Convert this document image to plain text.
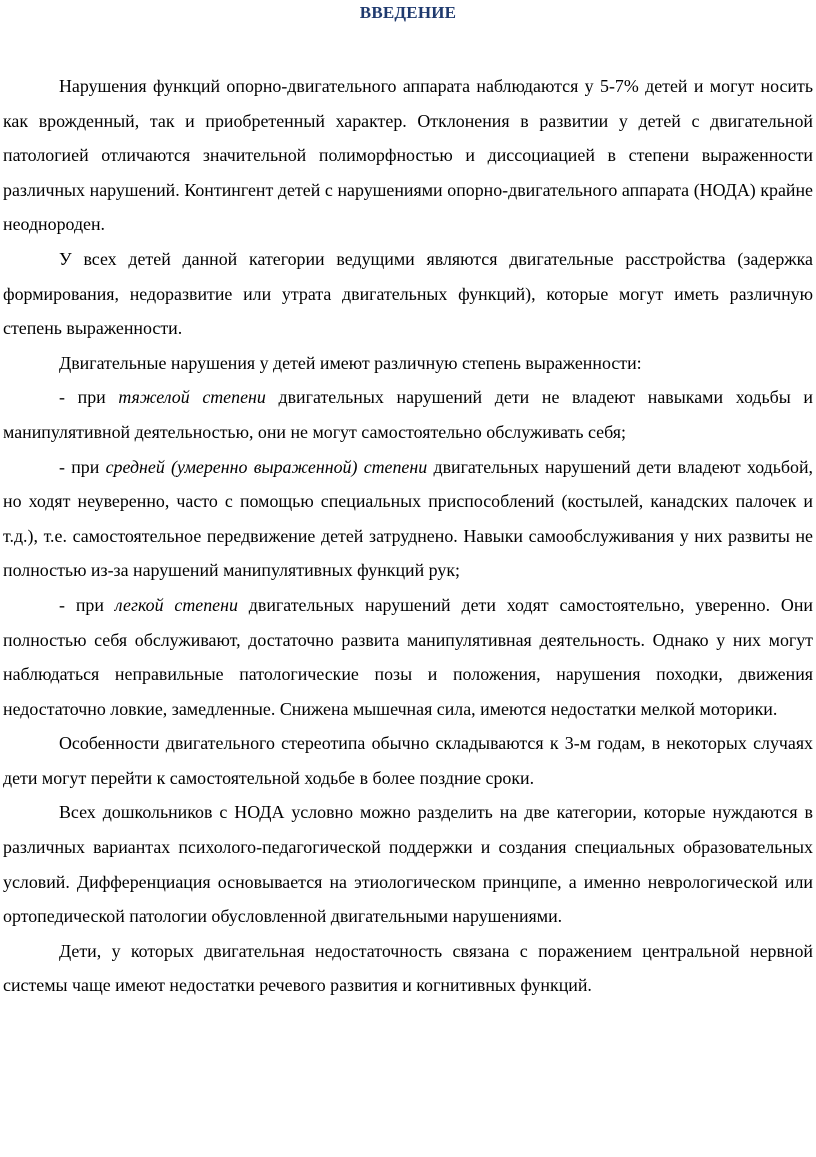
ВВЕДЕНИЕ

Нарушения функций опорно-двигательного аппарата наблюдаются у 5-7% детей и могут носить как врожденный, так и приобретенный характер. Отклонения в развитии у детей с двигательной патологией отличаются значительной полиморфностью и диссоциацией в степени выраженности различных нарушений. Контингент детей с нарушениями опорно-двигательного аппарата (НОДА) крайне неоднороден.

У всех детей данной категории ведущими являются двигательные расстройства (задержка формирования, недоразвитие или утрата двигательных функций), которые могут иметь различную степень выраженности.

Двигательные нарушения у детей имеют различную степень выраженности:

- при тяжелой степени двигательных нарушений дети не владеют навыками ходьбы и манипулятивной деятельностью, они не могут самостоятельно обслуживать себя;

- при средней (умеренно выраженной) степени двигательных нарушений дети владеют ходьбой, но ходят неуверенно, часто с помощью специальных приспособлений (костылей, канадских палочек и т.д.), т.е. самостоятельное передвижение детей затруднено. Навыки самообслуживания у них развиты не полностью из-за нарушений манипулятивных функций рук;

- при легкой степени двигательных нарушений дети ходят самостоятельно, уверенно. Они полностью себя обслуживают, достаточно развита манипулятивная деятельность. Однако у них могут наблюдаться неправильные патологические позы и положения, нарушения походки, движения недостаточно ловкие, замедленные. Снижена мышечная сила, имеются недостатки мелкой моторики.

Особенности двигательного стереотипа обычно складываются к 3-м годам, в некоторых случаях дети могут перейти к самостоятельной ходьбе в более поздние сроки.

Всех дошкольников с НОДА условно можно разделить на две категории, которые нуждаются в различных вариантах психолого-педагогической поддержки и создания специальных образовательных условий. Дифференциация основывается на этиологическом принципе, а именно неврологической или ортопедической патологии обусловленной двигательными нарушениями.

Дети, у которых двигательная недостаточность связана с поражением центральной нервной системы чаще имеют недостатки речевого развития и когнитивных функций.
